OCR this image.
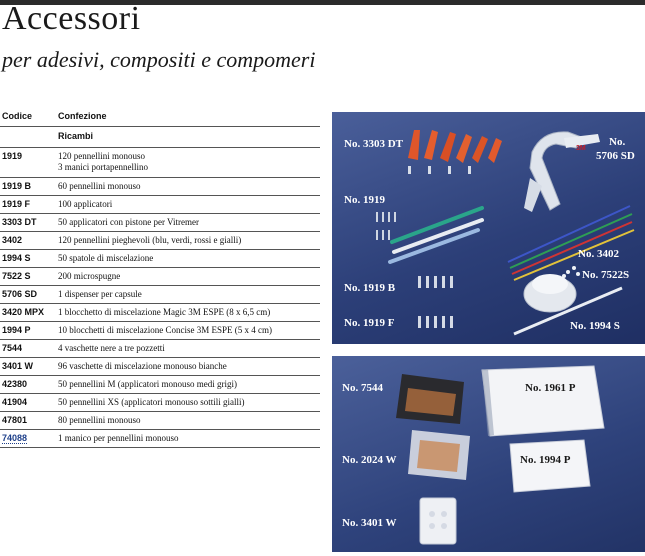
Accessori
per adesivi, compositi e compomeri
Codice	Confezione
Ricambi
1919	120 pennellini monouso
3 manici portapennellino
1919 B	60 pennellini monouso
1919 F	100 applicatori
3303 DT 50 applicatori con pistone per Vitremer
3402	120 pennellini pieghevoli (blu, verdi, rossi e gialli)
1994 S	50 spatole di miscelazione
7522 S	200 microspugne
5706 SD 1 dispenser per capsule
3420 MPX 1 blocchetto di miscelazione Magic 3M ESPE (8 x 6,5 cm)
1994 P	10 blocchetti di miscelazione Concise 3M ESPE (5 x 4 cm)
7544	4 vaschette nere a tre pozzetti
3401 W	96 vaschette di miscelazione monouso bianche
42380	50 pennellini M (applicatori monouso medi grigi)
41904	50 pennellini XS (applicatori monouso sottili gialli)
47801	80 pennellini monouso
74088	1 manico per pennellini monouso
3M
No. 3303 DT	No.
5706 SD
No. 1919
No. 3402
No. 7522S
No. 1919 B
No. 1919 F	No. 1994 S
No. 7544	No. 1961 P
No. 2024 W	No. 1994 P
No. 3401 W
